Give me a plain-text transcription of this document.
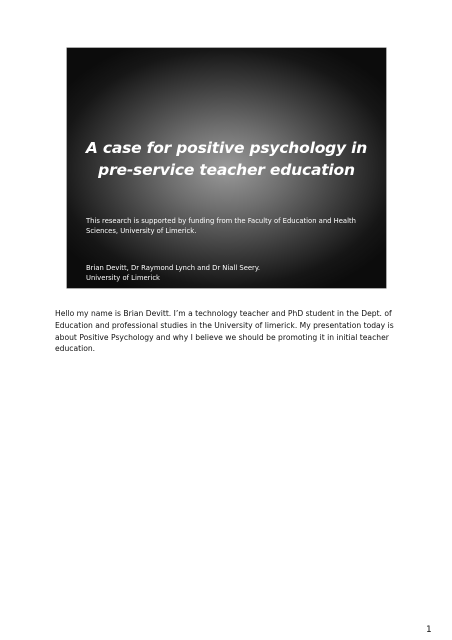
A case for positive psychology in pre-service teacher education

This research is supported by funding from the Faculty of Education and Health Sciences, University of Limerick.

Brian Devitt, Dr Raymond Lynch and Dr Niall Seery.
University of Limerick

Hello my name is Brian Devitt. I’m a technology teacher and PhD student in the Dept. of Education and professional studies in the University of limerick. My presentation today is about Positive Psychology and why I believe we should be promoting it in initial teacher education.

1
